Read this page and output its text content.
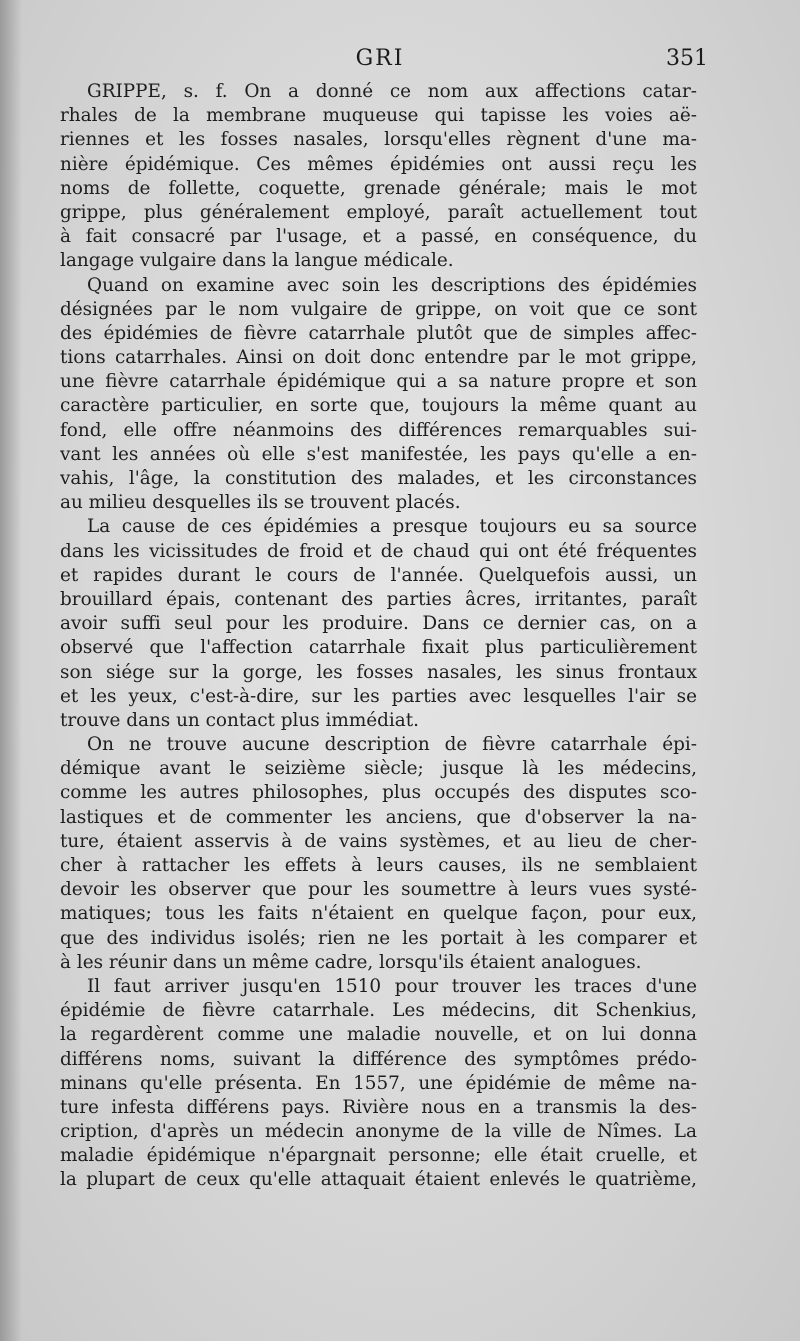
GRI	351
GRIPPE, s. f. On a donné ce nom aux affections catar-
rhales de la membrane muqueuse qui tapisse les voies aë-
riennes et les fosses nasales, lorsqu'elles règnent d'une ma-
nière épidémique. Ces mêmes épidémies ont aussi reçu les
noms de follette, coquette, grenade générale; mais le mot
grippe, plus généralement employé, paraît actuellement tout
à fait consacré par l'usage, et a passé, en conséquence, du
langage vulgaire dans la langue médicale.
Quand on examine avec soin les descriptions des épidémies
désignées par le nom vulgaire de grippe, on voit que ce sont
des épidémies de fièvre catarrhale plutôt que de simples affec-
tions catarrhales. Ainsi on doit donc entendre par le mot grippe,
une fièvre catarrhale épidémique qui a sa nature propre et son
caractère particulier, en sorte que, toujours la même quant au
fond, elle offre néanmoins des différences remarquables sui-
vant les années où elle s'est manifestée, les pays qu'elle a en-
vahis, l'âge, la constitution des malades, et les circonstances
au milieu desquelles ils se trouvent placés.
La cause de ces épidémies a presque toujours eu sa source
dans les vicissitudes de froid et de chaud qui ont été fréquentes
et rapides durant le cours de l'année. Quelquefois aussi, un
brouillard épais, contenant des parties âcres, irritantes, paraît
avoir suffi seul pour les produire. Dans ce dernier cas, on a
observé que l'affection catarrhale fixait plus particulièrement
son siége sur la gorge, les fosses nasales, les sinus frontaux
et les yeux, c'est-à-dire, sur les parties avec lesquelles l'air se
trouve dans un contact plus immédiat.
On ne trouve aucune description de fièvre catarrhale épi-
démique avant le seizième siècle; jusque là les médecins,
comme les autres philosophes, plus occupés des disputes sco-
lastiques et de commenter les anciens, que d'observer la na-
ture, étaient asservis à de vains systèmes, et au lieu de cher-
cher à rattacher les effets à leurs causes, ils ne semblaient
devoir les observer que pour les soumettre à leurs vues systé-
matiques; tous les faits n'étaient en quelque façon, pour eux,
que des individus isolés; rien ne les portait à les comparer et
à les réunir dans un même cadre, lorsqu'ils étaient analogues.
Il faut arriver jusqu'en 1510 pour trouver les traces d'une
épidémie de fièvre catarrhale. Les médecins, dit Schenkius,
la regardèrent comme une maladie nouvelle, et on lui donna
différens noms, suivant la différence des symptômes prédo-
minans qu'elle présenta. En 1557, une épidémie de même na-
ture infesta différens pays. Rivière nous en a transmis la des-
cription, d'après un médecin anonyme de la ville de Nîmes. La
maladie épidémique n'épargnait personne; elle était cruelle, et
la plupart de ceux qu'elle attaquait étaient enlevés le quatrième,
